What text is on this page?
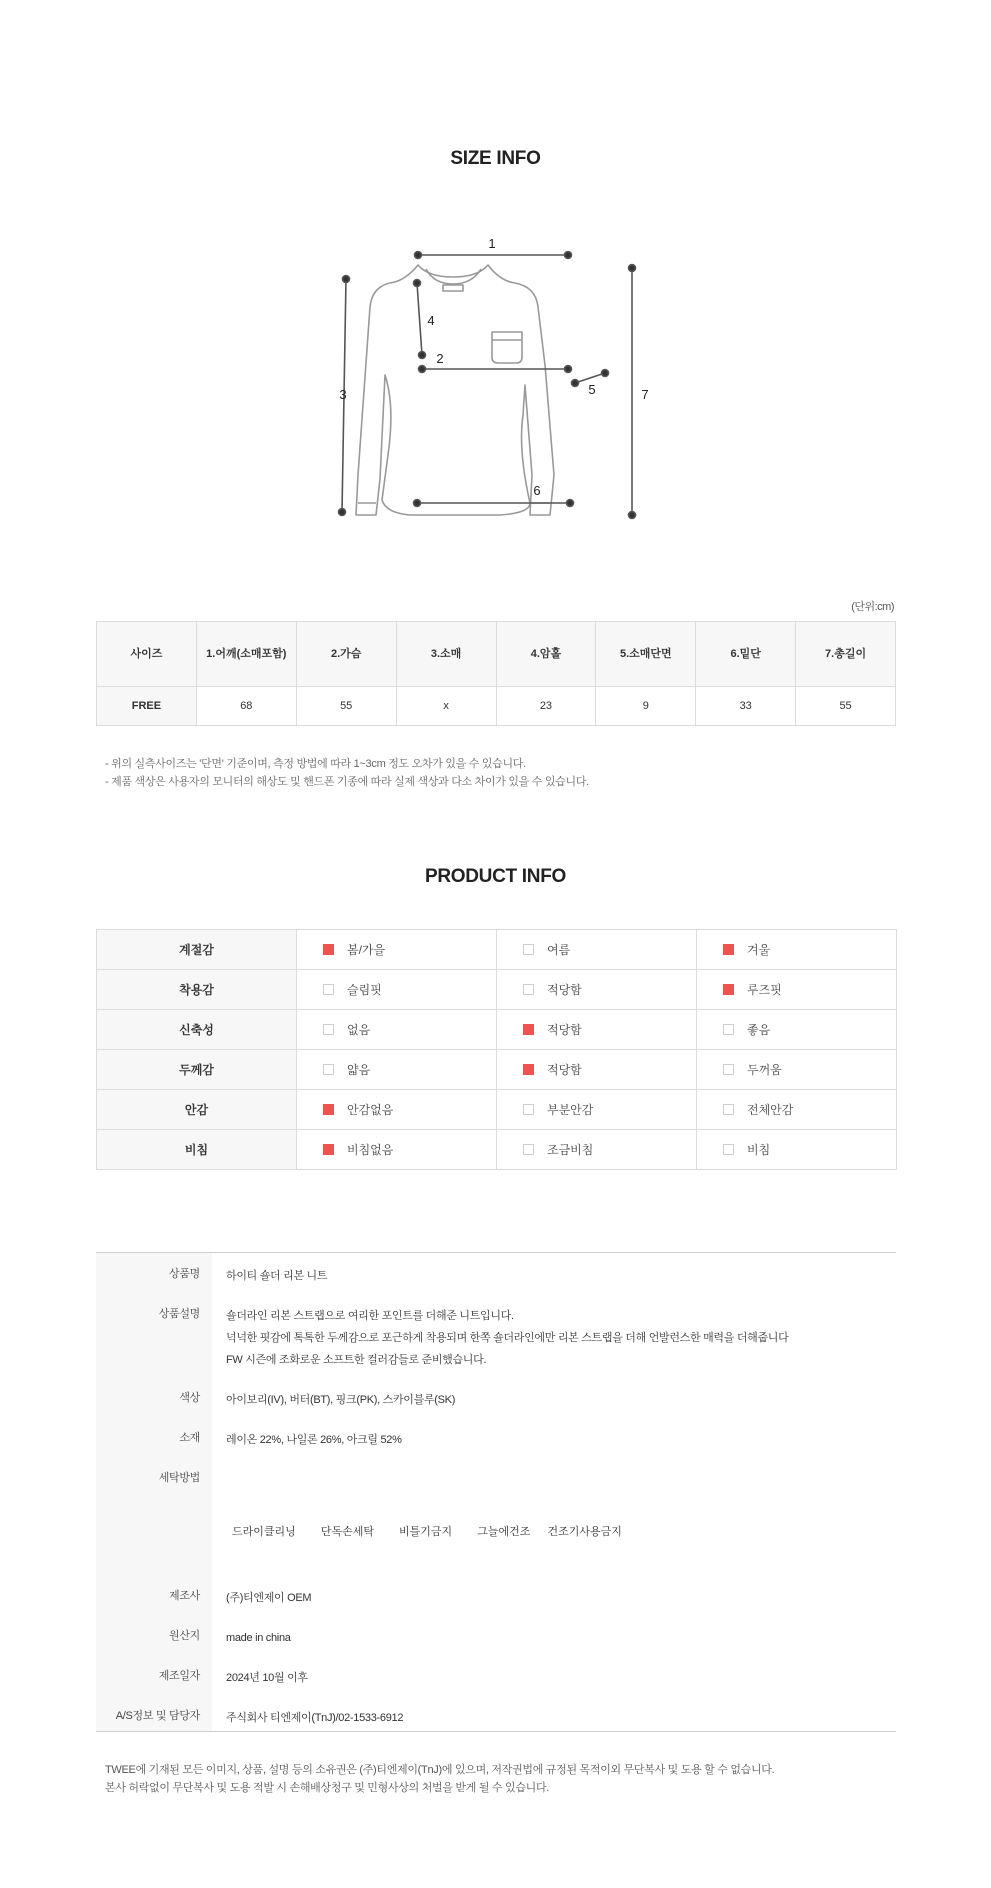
SIZE INFO
1
2
3
4
5
6
7
(단위:cm)
사이즈	1.어깨(소매포함)	2.가슴	3.소매	4.암홀	5.소매단면	6.밑단	7.총길이
FREE	68	55	x	23	9	33	55
- 위의 실측사이즈는 '단면' 기준이며, 측정 방법에 따라 1~3cm 정도 오차가 있을 수 있습니다.
- 제품 색상은 사용자의 모니터의 해상도 및 핸드폰 기종에 따라 실제 색상과 다소 차이가 있을 수 있습니다.
PRODUCT INFO
계절감	봄/가을	여름	겨울
착용감	슬림핏	적당함	루즈핏
신축성	없음	적당함	좋음
두께감	얇음	적당함	두꺼움
안감	안감없음	부분안감	전체안감
비침	비침없음	조금비침	비침
상품명 하이티 숄더 리본 니트
상품설명 숄더라인 리본 스트랩으로 여리한 포인트를 더해준 니트입니다.
넉넉한 핏감에 톡톡한 두께감으로 포근하게 착용되며 한쪽 숄더라인에만 리본 스트랩을 더해 언발런스한 매력을 더해줍니다
FW 시즌에 조화로운 소프트한 컬러감들로 준비했습니다.
색상 아이보리(IV), 버터(BT), 핑크(PK), 스카이블루(SK)
소재 레이온 22%, 나일론 26%, 아크릴 52%
세탁방법
드라이클리닝 단독손세탁 비틀기금지 그늘에건조 건조기사용금지
제조사 (주)티엔제이 OEM
원산지 made in china
제조일자 2024년 10월 이후
A/S정보 및 담당자 주식회사 티엔제이(TnJ)/02-1533-6912
TWEE에 기재된 모든 이미지, 상품, 설명 등의 소유권은 (주)티엔제이(TnJ)에 있으며, 저작권법에 규정된 목적이외 무단복사 및 도용 할 수 없습니다.
본사 허락없이 무단복사 및 도용 적발 시 손해배상청구 및 민형사상의 처벌을 받게 될 수 있습니다.
